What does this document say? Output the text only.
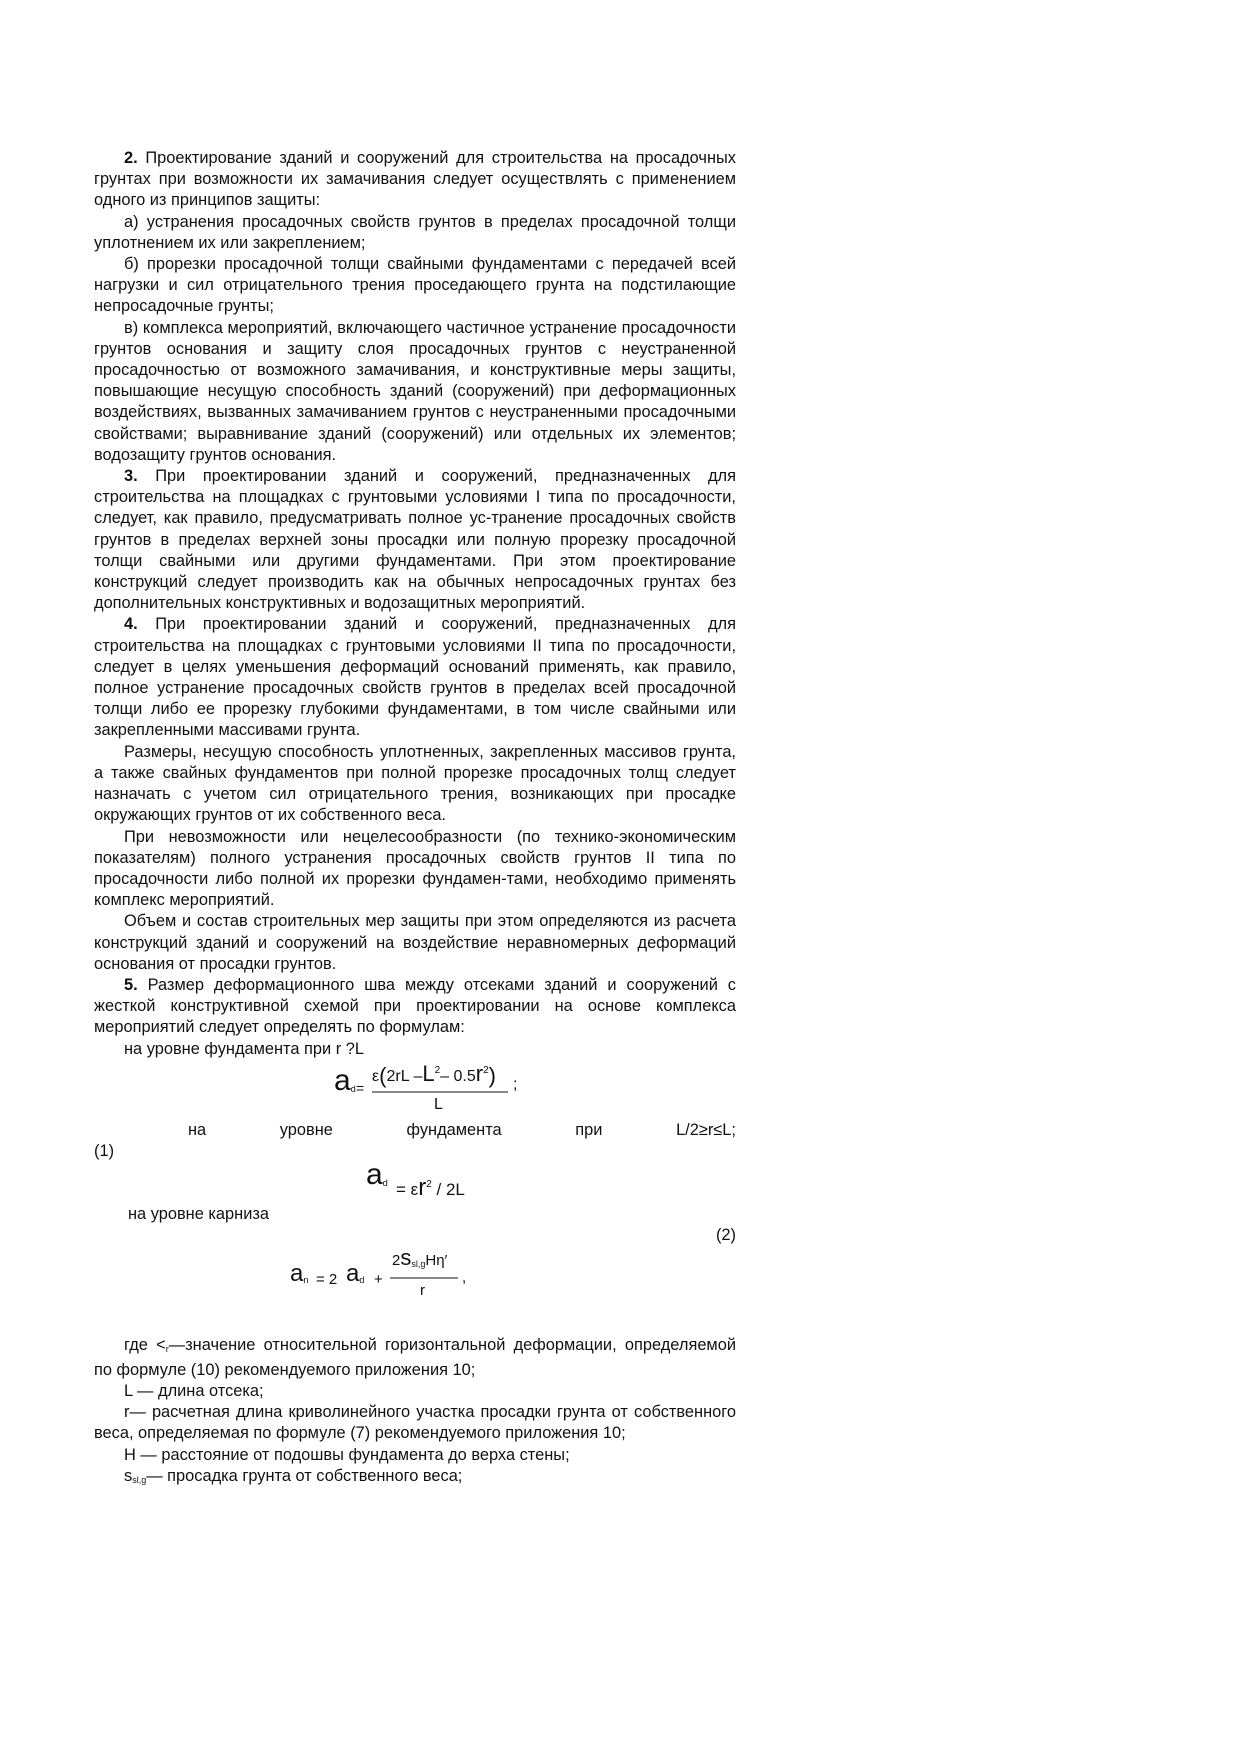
2. Проектирование зданий и сооружений для строительства на просадочных грунтах при возможности их замачивания следует осуществлять с применением одного из принципов защиты:

а) устранения просадочных свойств грунтов в пределах просадочной толщи уплотнением их или закреплением;

б) прорезки просадочной толщи свайными фундаментами с передачей всей нагрузки и сил отрицательного трения проседающего грунта на подстилающие непросадочные грунты;

в) комплекса мероприятий, включающего частичное устранение просадочности грунтов основания и защиту слоя просадочных грунтов с неустраненной просадочностью от возможного замачивания, и конструктивные меры защиты, повышающие несущую способность зданий (сооружений) при деформационных воздействиях, вызванных замачиванием грунтов с неустраненными просадочными свойствами; выравнивание зданий (сооружений) или отдельных их элементов; водозащиту грунтов основания.

3. При проектировании зданий и сооружений, предназначенных для строительства на площадках с грунтовыми условиями I типа по просадочности, следует, как правило, предусматривать полное ус-транение просадочных свойств грунтов в пределах верхней зоны просадки или полную прорезку просадочной толщи свайными или другими фундаментами. При этом проектирование конструкций следует производить как на обычных непросадочных грунтах без дополнительных конструктивных и водозащитных мероприятий.

4. При проектировании зданий и сооружений, предназначенных для строительства на площадках с грунтовыми условиями II типа по просадочности, следует в целях уменьшения деформаций оснований применять, как правило, полное устранение просадочных свойств грунтов в пределах всей просадочной толщи либо ее прорезку глубокими фундаментами, в том числе свайными или закрепленными массивами грунта.

Размеры, несущую способность уплотненных, закрепленных массивов грунта, а также свайных фундаментов при полной прорезке просадочных толщ следует назначать с учетом сил отрицательного трения, возникающих при просадке окружающих грунтов от их собственного веса.

При невозможности или нецелесообразности (по технико-экономическим показателям) полного устранения просадочных свойств грунтов II типа по просадочности либо полной их прорезки фундамен-тами, необходимо применять комплекс мероприятий.

Объем и состав строительных мер защиты при этом определяются из расчета конструкций зданий и сооружений на воздействие неравномерных деформаций основания от просадки грунтов.

5. Размер деформационного шва между отсеками зданий и сооружений с жесткой конструктивной схемой при проектировании на основе комплекса мероприятий следует определять по формулам:

на уровне фундамента при r ?L

$a_d$ =
ε(2rL $-L^2-$ $0.5r^2$)
L
;
на	уровне	фундамента	при	L/2≥r≤L;
(1)
$a_d = \varepsilon r^2 / 2L$

на уровне карниза

(2)
$a_n = 2$ $a_d$ +
$2s_{sl,g}H\eta'$
r
,

где $<_r—значение$ относительной горизонтальной деформации, определяемой по формуле (10) рекомендуемого приложения 10;

L — длина отсека;

r— расчетная длина криволинейного участка просадки грунта от собственного веса, определяемая по формуле (7) рекомендуемого приложения 10;

Н — расстояние от подошвы фундамента до верха стены;

$s_{sl,g}—$ просадка грунта от собственного веса;
